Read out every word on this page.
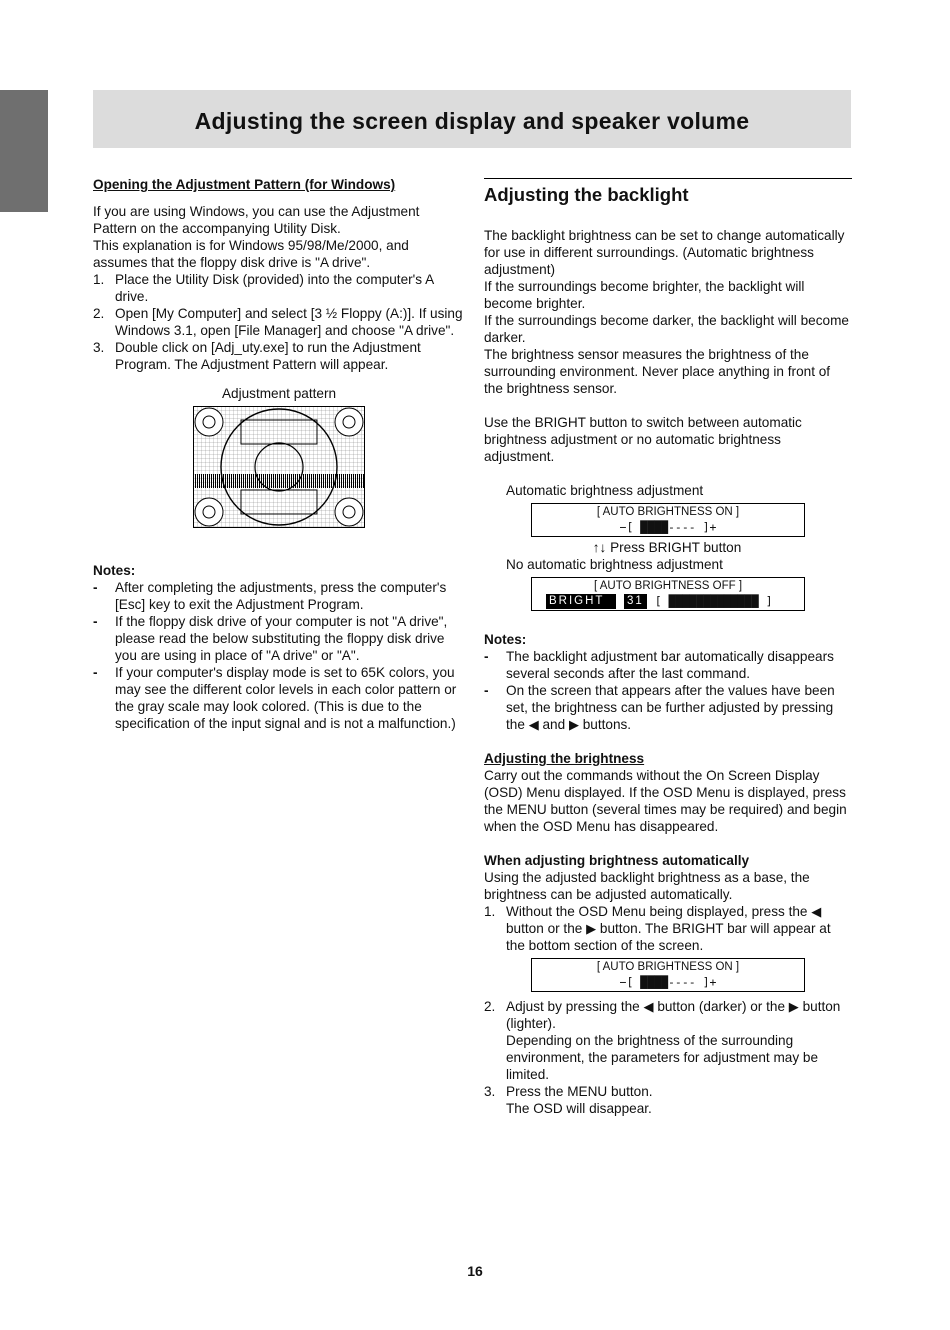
Adjusting the screen display and speaker volume

Opening the Adjustment Pattern (for Windows)

If you are using Windows, you can use the Adjustment Pattern on the accompanying Utility Disk.

This explanation is for Windows 95/98/Me/2000, and assumes that the floppy disk drive is "A drive".

1. Place the Utility Disk (provided) into the computer's A drive.
2. Open [My Computer] and select [3 ½ Floppy (A:)]. If using Windows 3.1, open [File Manager] and choose "A drive".
3. Double click on [Adj_uty.exe] to run the Adjustment Program. The Adjustment Pattern will appear.
Adjustment pattern

Notes:

- After completing the adjustments, press the computer's [Esc] key to exit the Adjustment Program.
- If the floppy disk drive of your computer is not "A drive", please read the below substituting the floppy disk drive you are using in place of "A drive" or "A".
- If your computer's display mode is set to 65K colors, you may see the different color levels in each color pattern or the gray scale may look colored. (This is due to the specification of the input signal and is not a malfunction.)
Adjusting the backlight

The backlight brightness can be set to change automatically for use in different surroundings. (Automatic brightness adjustment)

If the surroundings become brighter, the backlight will become brighter.

If the surroundings become darker, the backlight will become darker.

The brightness sensor measures the brightness of the surrounding environment. Never place anything in front of the brightness sensor.

Use the BRIGHT button to switch between automatic brightness adjustment or no automatic brightness adjustment.

Automatic brightness adjustment

[ AUTO BRIGHTNESS ON ]
−[ ████---- ]+
↑↓ Press BRIGHT button

No automatic brightness adjustment

[ AUTO BRIGHTNESS OFF ]
BRIGHT	31 [ █████████████ ]

Notes:

- The backlight adjustment bar automatically disappears several seconds after the last command.
- On the screen that appears after the values have been set, the brightness can be further adjusted by pressing the ◀ and ▶ buttons.

Adjusting the brightness

Carry out the commands without the On Screen Display (OSD) Menu displayed. If the OSD Menu is displayed, press the MENU button (several times may be required) and begin when the OSD Menu has disappeared.

When adjusting brightness automatically

Using the adjusted backlight brightness as a base, the brightness can be adjusted automatically.

1. Without the OSD Menu being displayed, press the ◀ button or the ▶ button. The BRIGHT bar will appear at the bottom section of the screen.
[ AUTO BRIGHTNESS ON ]
−[ ████---- ]+
2. Adjust by pressing the ◀ button (darker) or the ▶ button (lighter).
Depending on the brightness of the surrounding environment, the parameters for adjustment may be limited.
3. Press the MENU button.
The OSD will disappear.
16
